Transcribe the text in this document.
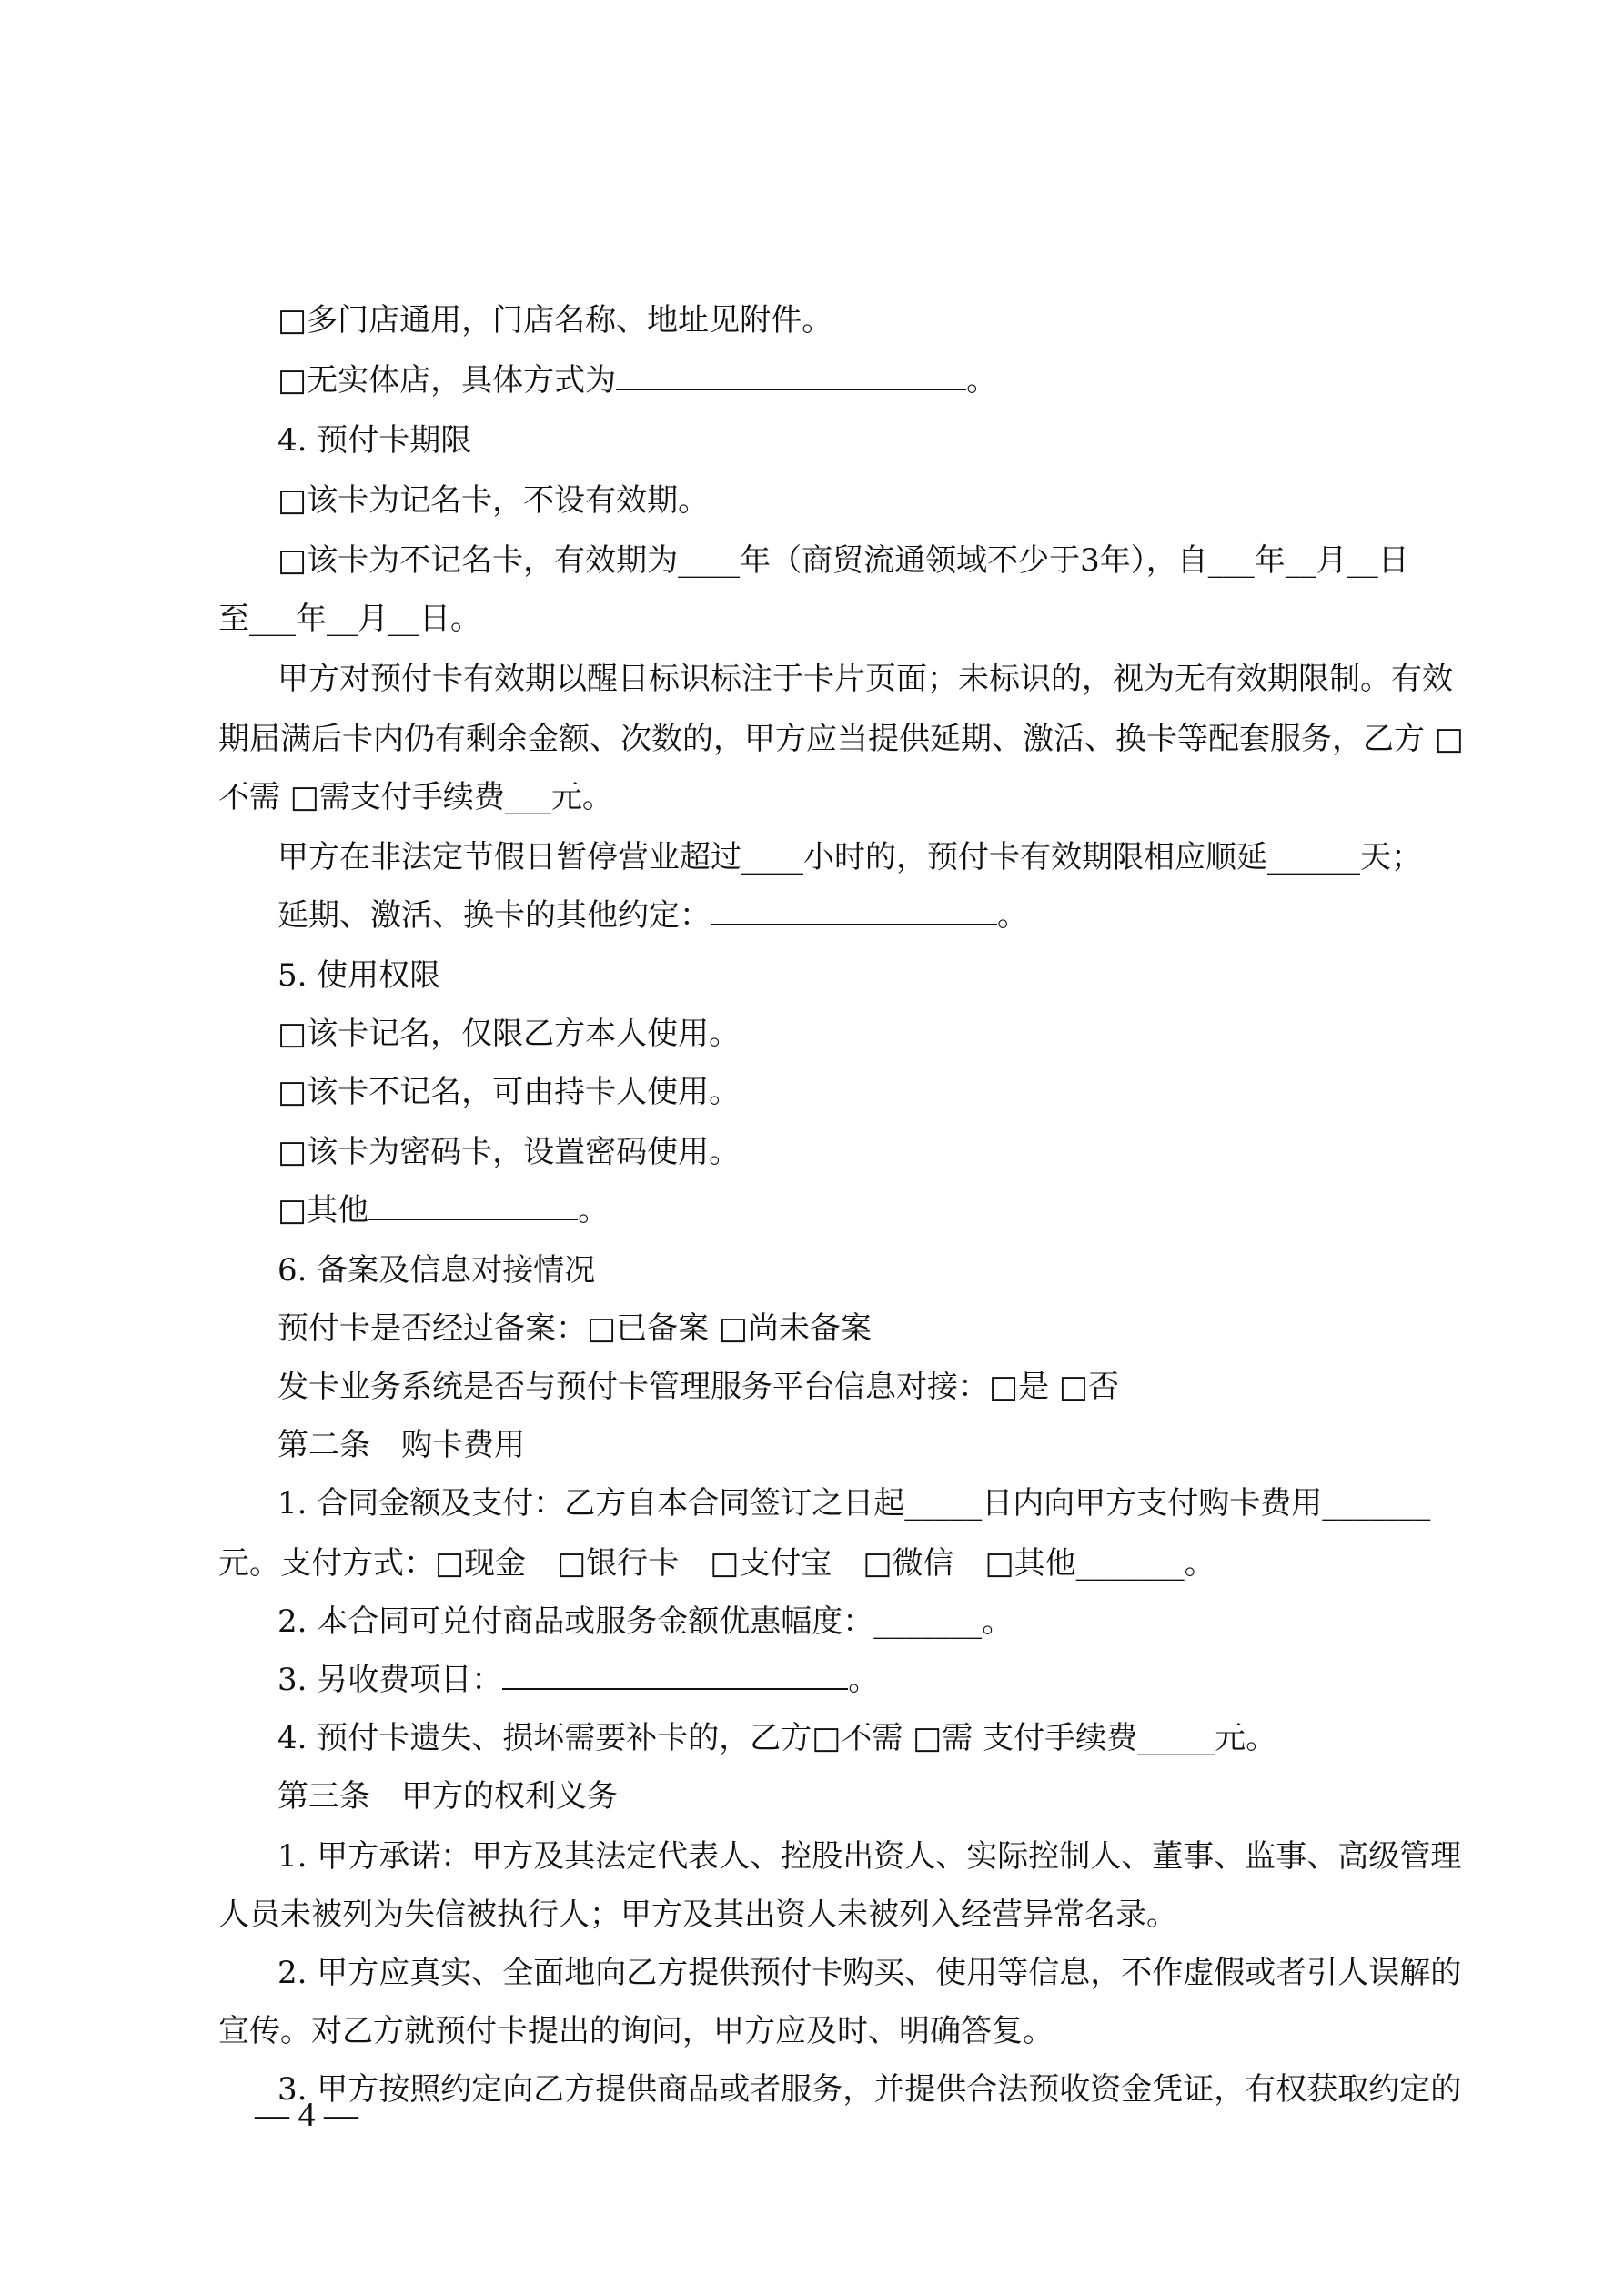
□多门店通用，门店名称、地址见附件。
□无实体店，具体方式为	。
4. 预付卡期限
□该卡为记名卡，不设有效期。
□该卡为不记名卡，有效期为____年（商贸流通领域不少于3年），自___年__月__日
至___年__月__日。
甲方对预付卡有效期以醒目标识标注于卡片页面；未标识的，视为无有效期限制。有效
期届满后卡内仍有剩余金额、次数的，甲方应当提供延期、激活、换卡等配套服务，乙方 □
不需 □需支付手续费___元。
甲方在非法定节假日暂停营业超过____小时的，预付卡有效期限相应顺延______天；
延期、激活、换卡的其他约定：	。
5. 使用权限
□该卡记名，仅限乙方本人使用。
□该卡不记名，可由持卡人使用。
□该卡为密码卡，设置密码使用。
□其他	。
6. 备案及信息对接情况
预付卡是否经过备案：□已备案 □尚未备案
发卡业务系统是否与预付卡管理服务平台信息对接：□是 □否
第二条　购卡费用
1. 合同金额及支付：乙方自本合同签订之日起_____日内向甲方支付购卡费用_______
元。支付方式：□现金　□银行卡　□支付宝　□微信　□其他_______。
2. 本合同可兑付商品或服务金额优惠幅度：_______。
3. 另收费项目：	。
4. 预付卡遗失、损坏需要补卡的，乙方□不需 □需 支付手续费_____元。
第三条　甲方的权利义务
1. 甲方承诺：甲方及其法定代表人、控股出资人、实际控制人、董事、监事、高级管理
人员未被列为失信被执行人；甲方及其出资人未被列入经营异常名录。
2. 甲方应真实、全面地向乙方提供预付卡购买、使用等信息，不作虚假或者引人误解的
宣传。对乙方就预付卡提出的询问，甲方应及时、明确答复。
3. 甲方按照约定向乙方提供商品或者服务，并提供合法预收资金凭证，有权获取约定的
— 4 —
